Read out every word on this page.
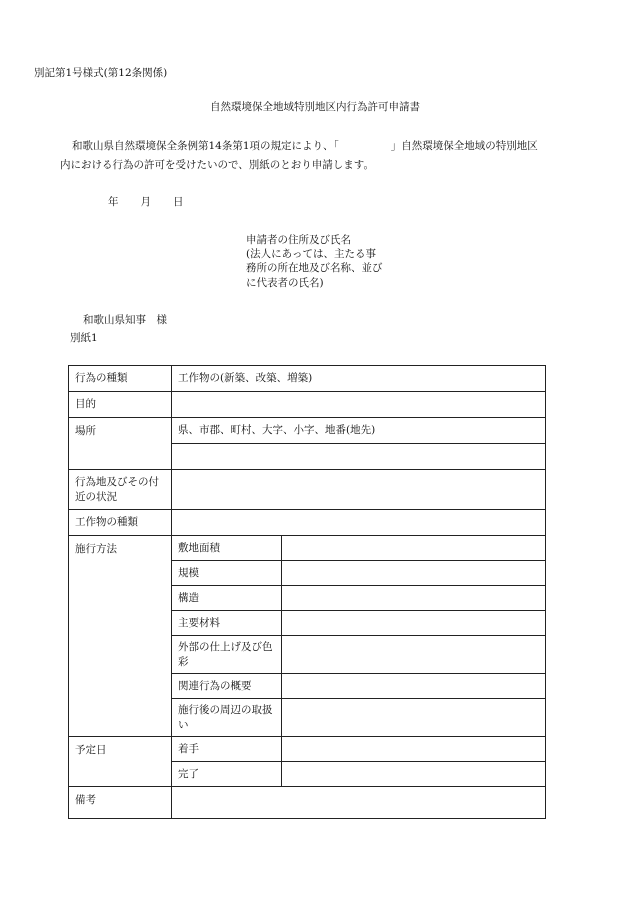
別記第1号様式(第12条関係)
自然環境保全地域特別地区内行為許可申請書
和歌山県自然環境保全条例第14条第1項の規定により、「	」自然環境保全地域の特別地区
内における行為の許可を受けたいので、別紙のとおり申請します。
年 月 日
申請者の住所及び氏名
(法人にあっては、主たる事
務所の所在地及び名称、並び
に代表者の氏名)
和歌山県知事　様
別紙1
行為の種類	工作物の(新築、改築、増築)	
目的		
場所	県、市郡、町村、大字、小字、地番(地先)	

行為地及びその付近の状況		
工作物の種類		
施行方法	敷地面積	
	規模	
	構造	
	主要材料	
	外部の仕上げ及び色彩	
	関連行為の概要	
	施行後の周辺の取扱い	
予定日	着手	
	完了	
備考		
